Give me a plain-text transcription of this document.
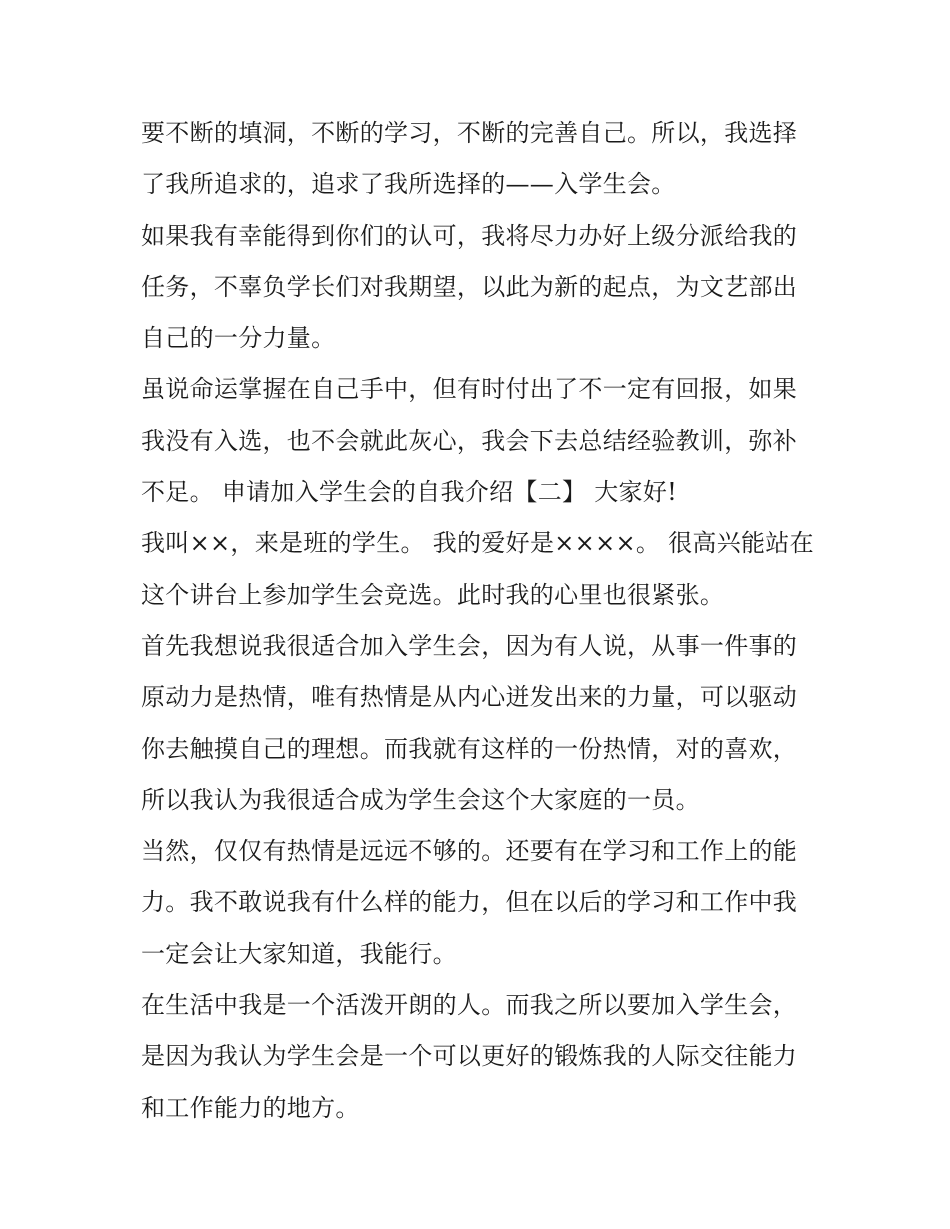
要不断的填洞，不断的学习，不断的完善自己。所以，我选择了我所追求的，追求了我所选择的——入学生会。

如果我有幸能得到你们的认可，我将尽力办好上级分派给我的任务，不辜负学长们对我期望，以此为新的起点，为文艺部出自己的一分力量。

虽说命运掌握在自己手中，但有时付出了不一定有回报，如果我没有入选，也不会就此灰心，我会下去总结经验教训，弥补不足。 申请加入学生会的自我介绍【二】 大家好!

我叫××，来是班的学生。 我的爱好是××××。 很高兴能站在这个讲台上参加学生会竞选。此时我的心里也很紧张。

首先我想说我很适合加入学生会，因为有人说，从事一件事的原动力是热情，唯有热情是从内心迸发出来的力量，可以驱动你去触摸自己的理想。而我就有这样的一份热情，对的喜欢，所以我认为我很适合成为学生会这个大家庭的一员。

当然，仅仅有热情是远远不够的。还要有在学习和工作上的能力。我不敢说我有什么样的能力，但在以后的学习和工作中我一定会让大家知道，我能行。

在生活中我是一个活泼开朗的人。而我之所以要加入学生会，是因为我认为学生会是一个可以更好的锻炼我的人际交往能力和工作能力的地方。
